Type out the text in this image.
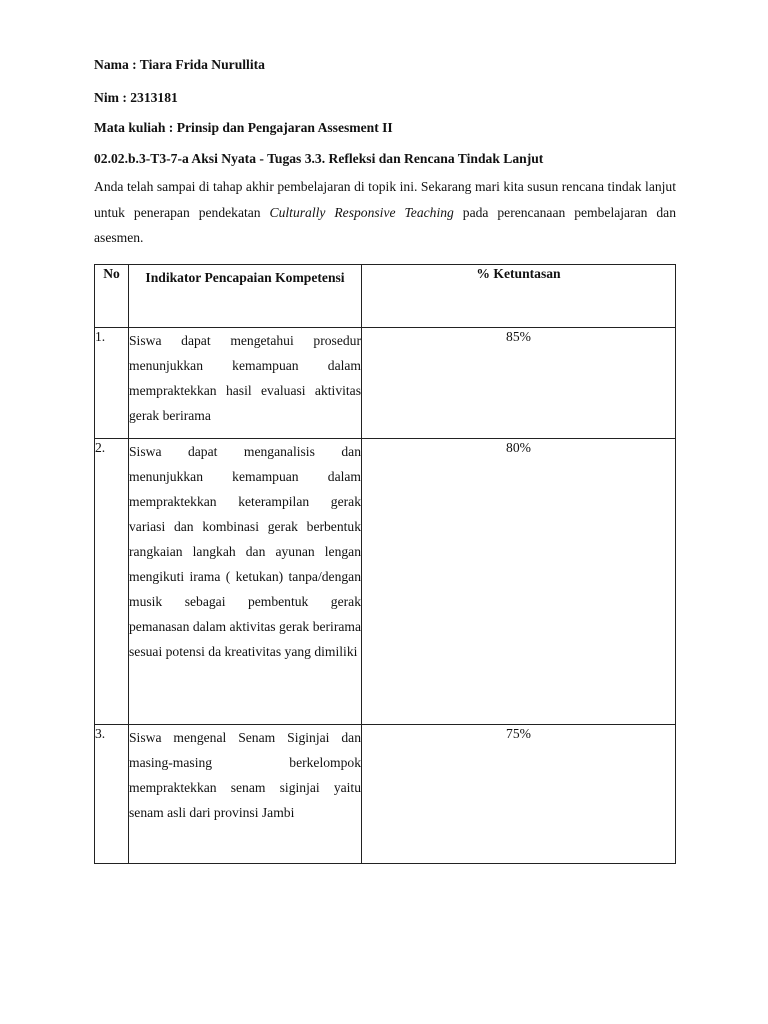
Nama : Tiara Frida Nurullita
Nim : 2313181
Mata kuliah : Prinsip dan Pengajaran Assesment II
02.02.b.3-T3-7-a Aksi Nyata - Tugas 3.3. Refleksi dan Rencana Tindak Lanjut
Anda telah sampai di tahap akhir pembelajaran di topik ini. Sekarang mari kita susun rencana tindak lanjut untuk penerapan pendekatan Culturally Responsive Teaching pada perencanaan pembelajaran dan asesmen.
No	Indikator Pencapaian Kompetensi	% Ketuntasan
1.	Siswa dapat mengetahui prosedur menunjukkan kemampuan dalam mempraktekkan hasil evaluasi aktivitas gerak berirama	85%
2.	Siswa dapat menganalisis dan menunjukkan kemampuan dalam mempraktekkan keterampilan gerak variasi dan kombinasi gerak berbentuk rangkaian langkah dan ayunan lengan mengikuti irama ( ketukan) tanpa/dengan musik sebagai pembentuk gerak pemanasan dalam aktivitas gerak berirama sesuai potensi da kreativitas yang dimiliki	80%
3.	Siswa mengenal Senam Siginjai dan masing-masing berkelompok mempraktekkan senam siginjai yaitu senam asli dari provinsi Jambi	75%
